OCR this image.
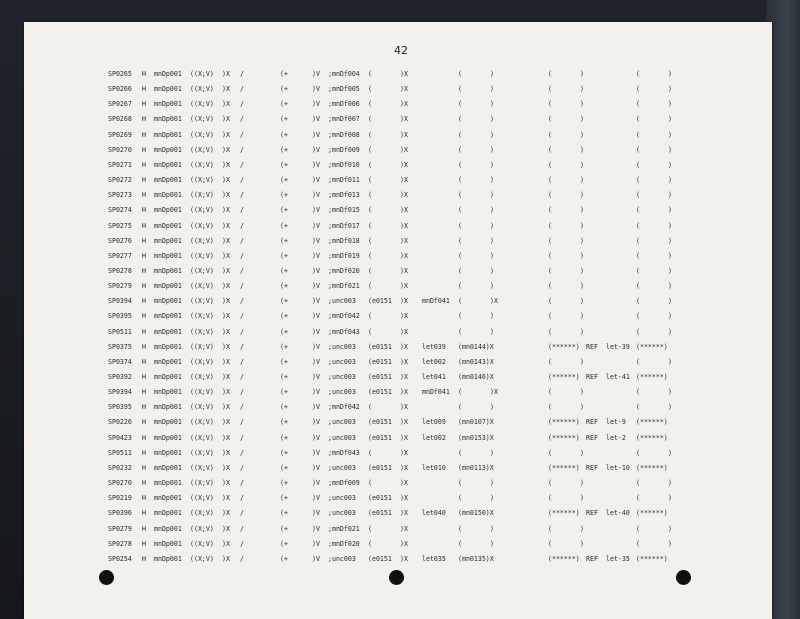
42
SP0265 H mnDp001 ((X;V) )X /	(+	)V ;mnDf004 (	)X	(	)	(	)	(	)
SP0266 H mnDp001 ((X;V) )X /	(+	)V ;mnDf005 (	)X	(	)	(	)	(	)
SP0267 H mnDp001 ((X;V) )X /	(+	)V ;mnDf006 (	)X	(	)	(	)	(	)
SP0268 H mnDp001 ((X;V) )X /	(+	)V ;mnDf007 (	)X	(	)	(	)	(	)
SP0269 H mnDp001 ((X;V) )X /	(+	)V ;mnDf008 (	)X	(	)	(	)	(	)
SP0270 H mnDp001 ((X;V) )X /	(+	)V ;mnDf009 (	)X	(	)	(	)	(	)
SP0271 H mnDp001 ((X;V) )X /	(+	)V ;mnDf010 (	)X	(	)	(	)	(	)
SP0272 H mnDp001 ((X;V) )X /	(+	)V ;mnDf011 (	)X	(	)	(	)	(	)
SP0273 H mnDp001 ((X;V) )X /	(+	)V ;mnDf013 (	)X	(	)	(	)	(	)
SP0274 H mnDp001 ((X;V) )X /	(+	)V ;mnDf015 (	)X	(	)	(	)	(	)
SP0275 H mnDp001 ((X;V) )X /	(+	)V ;mnDf017 (	)X	(	)	(	)	(	)
SP0276 H mnDp001 ((X;V) )X /	(+	)V ;mnDf018 (	)X	(	)	(	)	(	)
SP0277 H mnDp001 ((X;V) )X /	(+	)V ;mnDf019 (	)X	(	)	(	)	(	)
SP0278 H mnDp001 ((X;V) )X /	(+	)V ;mnDf020 (	)X	(	)	(	)	(	)
SP0279 H mnDp001 ((X;V) )X /	(+	)V ;mnDf021 (	)X	(	)	(	)	(	)
SP0394 H mnDp001 ((X;V) )X /	(+	)V ;unc003 (e0151 )X mnDf041 (	)X	(	)	(	)
SP0395 H mnDp001 ((X;V) )X /	(+	)V ;mnDf042 (	)X	(	)	(	)	(	)
SP0511 H mnDp001 ((X;V) )X /	(+	)V ;mnDf043 (	)X	(	)	(	)	(	)
SP0375 H mnDp001 ((X;V) )X /	(+	)V ;unc003 (e0151 )X let039 (mn0144)X	(******) REF let-39 (******)
SP0374 H mnDp001 ((X;V) )X /	(+	)V ;unc003 (e0151 )X let002 (mn0143)X	(	)	(	)
SP0392 H mnDp001 ((X;V) )X /	(+	)V ;unc003 (e0151 )X let041 (mn0146)X	(******) REF let-41 (******)
SP0394 H mnDp001 ((X;V) )X /	(+	)V ;unc003 (e0151 )X mnDf041 (	)X	(	)	(	)
SP0395 H mnDp001 ((X;V) )X /	(+	)V ;mnDf042 (	)X	(	)	(	)	(	)
SP0226 H mnDp001 ((X;V) )X /	(+	)V ;unc003 (e0151 )X let009 (mn0107)X	(******) REF let-9 (******)
SP0423 H mnDp001 ((X;V) )X /	(+	)V ;unc003 (e0151 )X let002 (mn0153)X	(******) REF let-2 (******)
SP0511 H mnDp001 ((X;V) )X /	(+	)V ;mnDf043 (	)X	(	)	(	)	(	)
SP0232 H mnDp001 ((X;V) )X /	(+	)V ;unc003 (e0151 )X let010 (mn0113)X	(******) REF let-10 (******)
SP0270 H mnDp001 ((X;V) )X /	(+	)V ;mnDf009 (	)X	(	)	(	)	(	)
SP0219 H mnDp001 ((X;V) )X /	(+	)V ;unc003 (e0151 )X	(	)	(	)	(	)
SP0396 H mnDp001 ((X;V) )X /	(+	)V ;unc003 (e0151 )X let040 (mn0150)X	(******) REF let-40 (******)
SP0279 H mnDp001 ((X;V) )X /	(+	)V ;mnDf021 (	)X	(	)	(	)	(	)
SP0278 H mnDp001 ((X;V) )X /	(+	)V ;mnDf020 (	)X	(	)	(	)	(	)
SP0254 H mnDp001 ((X;V) )X /	(+	)V ;unc003 (e0151 )X let035 (mn0135)X	(******) REF let-35 (******)
